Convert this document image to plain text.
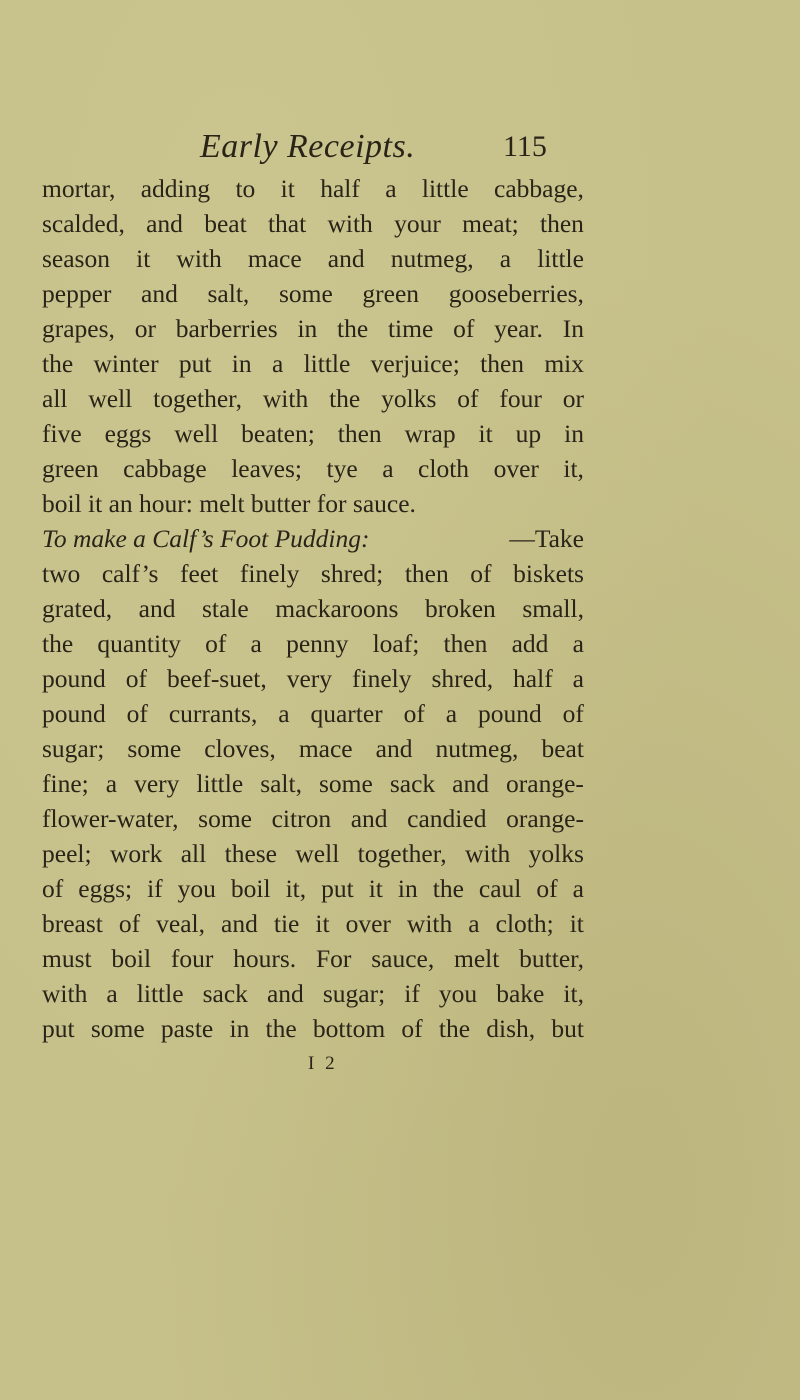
Early Receipts.	115
mortar, adding to it half a little cabbage,
scalded, and beat that with your meat; then
season it with mace and nutmeg, a little
pepper and salt, some green gooseberries,
grapes, or barberries in the time of year. In
the winter put in a little verjuice; then mix
all well together, with the yolks of four or
five eggs well beaten; then wrap it up in
green cabbage leaves; tye a cloth over it,
boil it an hour: melt butter for sauce.
To make a Calf’s Foot Pudding:	—Take
two calf’s feet finely shred; then of biskets
grated, and stale mackaroons broken small,
the quantity of a penny loaf; then add a
pound of beef-suet, very finely shred, half a
pound of currants, a quarter of a pound of
sugar; some cloves, mace and nutmeg, beat
fine; a very little salt, some sack and orange-
flower-water, some citron and candied orange-
peel; work all these well together, with yolks
of eggs; if you boil it, put it in the caul of a
breast of veal, and tie it over with a cloth; it
must boil four hours. For sauce, melt butter,
with a little sack and sugar; if you bake it,
put some paste in the bottom of the dish, but
I 2
